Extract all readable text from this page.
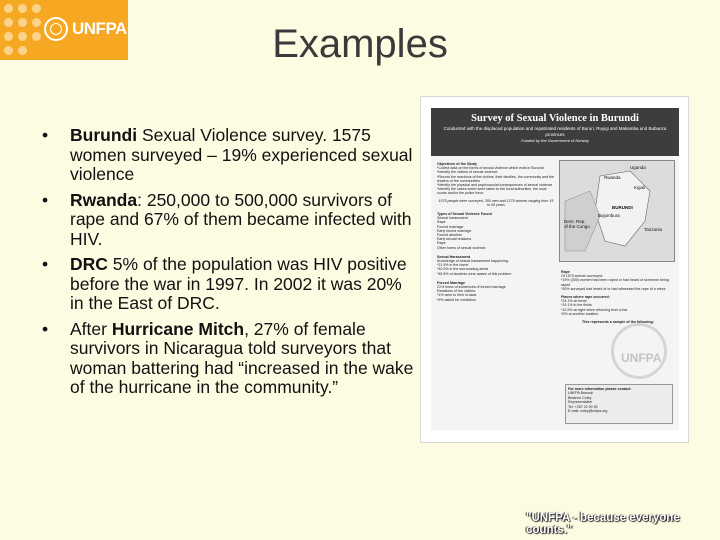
UNFPA	Examples
• Burundi Sexual Violence survey. 1575 women surveyed – 19% experienced sexual violence
• Rwanda: 250,000 to 500,000 survivors of rape and 67% of them became infected with HIV.
• DRC 5% of the population was HIV positive before the war in 1997. In 2002 it was 20% in the East of DRC.
• After Hurricane Mitch, 27% of female survivors in Nicaragua told surveyors that woman battering had “increased in the wake of the hurricane in the community.”
Survey of Sexual Violence in Burundi
Conducted with the displaced population and repatriated residents of Bururi, Ruyigi and Makamba and Bubanza provinces
Funded by the Government of Norway

Objectives of the Study

*Collect data on the forms of sexual violence which exist in Burundi

*Identify the victims of sexual violence

*Record the reactions of the victims, their families, the community and the leaders of the communities

*Identify the physical and psychosocial consequences of sexual violence

*Identify the cases which were taken to the local authorities, the local courts and/or the police force

1575 people were surveyed, 300 men and 1275 women ranging from 15 to 65 years

Types of Sexual Violence Found

Sexual harassment

Rape

Forced marriage

Early forced marriage

Forced abortion

Early sexual relations

Rape

Other forms of sexual violence

Sexual Harassment

Knowledge of sexual harassment happening:

*21.9% in the home

*40.9% in the surrounding areas

*45.5% of students were aware of this problem

Forced Marriage

21% knew of incidences of forced marriage

Reactions of the victims:

*1% went to their in-laws

*9% asked for mediation

Uganda
Rwanda
Kigali
Tanzania
BURUNDI
Bujumbura
Dem. Rep. of the Congo

Rape

Of 1575 women surveyed:

*19% (300) women had been raped or had heard of someone being raped

*30% surveyed had heard of or had witnessed the rape of a minor

Places where rape occurred:

*24.1% at home

*19.1% in the fields

*12.9% at night when returning from a bar

*6% at another location

This represents a sample of the following:

UNFPA

For more information please contact:

UNFPA Burundi

Beatrice Coley

Representative

Tel: +257 22 90 90

E-mail: coley@unfpa.org

"UNFPA - because everyone counts."
